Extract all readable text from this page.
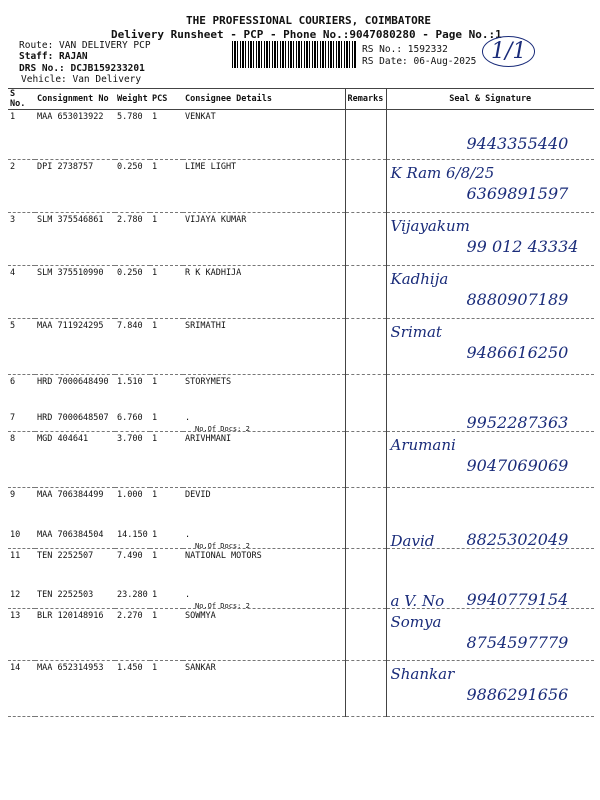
THE PROFESSIONAL COURIERS, COIMBATORE
Delivery Runsheet - PCP - Phone No.:9047080280 - Page No.:1
Route: VAN DELIVERY PCP
Staff: RAJAN
DRS No.: DCJB159233201
Vehicle: Van Delivery
RS No.: 1592332
RS Date: 06-Aug-2025 1/1
S No.	Consignment No	Weight	PCS	Consignee Details	Remarks	Seal & Signature
1	MAA 653013922	5.780	1	VENKAT		9443355440

2	DPI 2738757	0.250	1	LIME LIGHT		K Ram 6/8/25
6369891597

3	SLM 375546861	2.780	1	VIJAYA KUMAR		Vijayakum
99 012 43334

4	SLM 375510990	0.250	1	R K KADHIJA		Kadhija
8880907189

5	MAA 711924295	7.840	1	SRIMATHI		Srimat
9486616250

6	HRD 7000648490	1.510	1	STORYMETS		
7	HRD 7000648507	6.760	1	.
No.Of Docs: 2		9952287363

8	MGD 404641	3.700	1	ARIVHMANI		Arumani
9047069069

9	MAA 706384499	1.000	1	DEVID		
10	MAA 706384504	14.150	1	.
No.Of Docs: 2		David 8825302049

11	TEN 2252507	7.490	1	NATIONAL MOTORS		
12	TEN 2252503	23.280	1	.
No.Of Docs: 2		a V. No 9940779154

13	BLR 120148916	2.270	1	SOWMYA		Somya
8754597779

14	MAA 652314953	1.450	1	SANKAR		Shankar
9886291656
